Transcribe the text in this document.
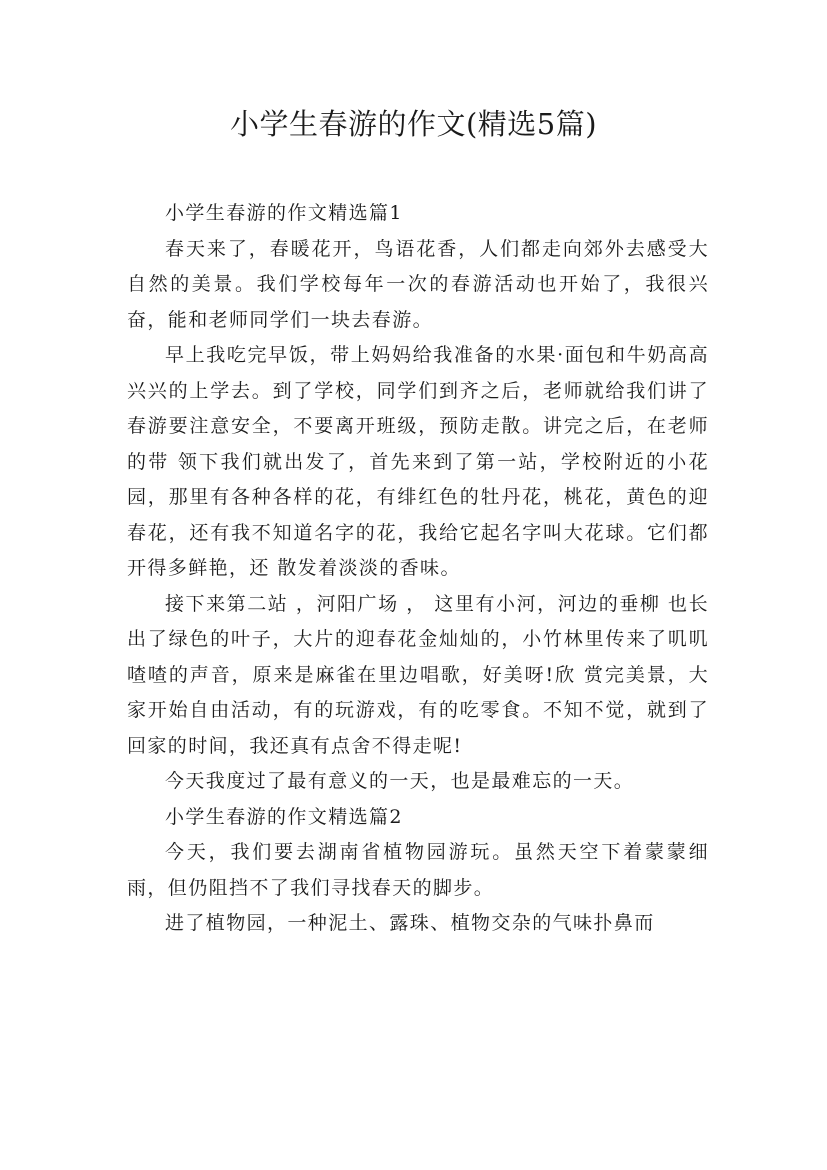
小学生春游的作文(精选5篇)

小学生春游的作文精选篇1

春天来了，春暖花开，鸟语花香，人们都走向郊外去感受大自然的美景。我们学校每年一次的春游活动也开始了，我很兴奋，能和老师同学们一块去春游。

早上我吃完早饭，带上妈妈给我准备的水果·面包和牛奶高高兴兴的上学去。到了学校，同学们到齐之后，老师就给我们讲了春游要注意安全，不要离开班级，预防走散。讲完之后，在老师的带 领下我们就出发了，首先来到了第一站，学校附近的小花园，那里有各种各样的花，有绯红色的牡丹花，桃花，黄色的迎春花，还有我不知道名字的花，我给它起名字叫大花球。它们都开得多鲜艳，还 散发着淡淡的香味。

接下来第二站 ，河阳广场 ， 这里有小河，河边的垂柳 也长出了绿色的叶子，大片的迎春花金灿灿的，小竹林里传来了叽叽喳喳的声音，原来是麻雀在里边唱歌，好美呀!欣 赏完美景，大家开始自由活动，有的玩游戏，有的吃零食。不知不觉，就到了回家的时间，我还真有点舍不得走呢!

今天我度过了最有意义的一天，也是最难忘的一天。

小学生春游的作文精选篇2

今天，我们要去湖南省植物园游玩。虽然天空下着蒙蒙细雨，但仍阻挡不了我们寻找春天的脚步。

进了植物园，一种泥土、露珠、植物交杂的气味扑鼻而
